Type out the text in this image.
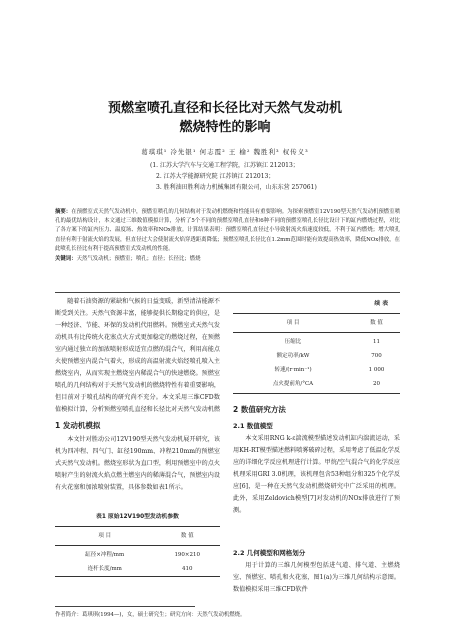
预燃室喷孔直径和长径比对天然气发动机
燃烧特性的影响
葛琪琪¹ 冷先银¹ 何志霞² 王 榆² 魏胜利³ 权传义³
(1. 江苏大学汽车与交通工程学院，江苏镇江 212013；
2. 江苏大学能源研究院 江苏镇江 212013；
3. 胜利油田胜利动力机械集团有限公司，山东东营 257061)
摘要：在预燃室式天然气发动机中，预燃室喷孔的几何结构对于发动机燃烧和性能具有重要影响。为探索预燃室12V190型天然气发动机预燃室喷孔的最优结构设计，本文通过三维数值模拟计算，分析了5个不同的预燃室喷孔直径和6种不同的预燃室喷孔长径比设计下的缸内燃烧过程，对比了各方案下的缸内压力、温度场、热效率和NOx排放。计算结果表明：预燃室喷孔直径过小导致射流火焰速度较低，不利于缸内燃烧；增大喷孔直径有利于射流火焰的发展，但直径过大会使射流火焰穿透距离降低；预燃室喷孔长径比在1.2mm范围时能有效提高热效率，降低NOx排放，在此喷孔长径比有利于提高预燃室式发动机的性能。
关键词：天然气发动机；预燃室；喷孔；直径；长径比；燃烧

随着石油资源的紧缺和气候的日益变暖，新型清洁能源不断受到关注。天然气资源丰富，能够提供长期稳定的供应，是一种经济、节能、环保的发动机代用燃料。预燃室式天然气发动机具有比传统火花塞点火方式更加稳定的燃烧过程，在预燃室内通过独立的加浓喷射形成适宜点燃的混合气，利用高能点火使预燃室内混合气着火，形成的高温射流火焰经喷孔喷入主燃烧室内，从而实现主燃烧室内稀混合气的快速燃烧。预燃室喷孔的几何结构对于天然气发动机的燃烧特性有着重要影响，但目前对于喷孔结构的研究尚不充分。本文采用三维CFD数值模拟计算，分析预燃室喷孔直径和长径比对天然气发动机燃

1 发动机模拟

本文针对胜动公司12V190型天然气发动机展开研究，该机为四冲程、四气门、缸径190mm、冲程210mm的预燃室式天然气发动机。燃烧室形状为直口型，利用预燃室中的点火喷射产生的射流火焰点燃主燃室内的稀薄混合气，预燃室内设有火花塞和加浓喷射装置，具体参数如表1所示。

表1 原始12V190型发动机参数
项 目	数 值
缸径×冲程/mm	190×210
连杆长度/mm	410
续 表
项 目	数 值
压缩比	11
额定功率/kW	700
转速/(r·min⁻¹)	1 000
点火提前角/°CA	20
2 数值研究方法
2.1 数值模型

本文采用RNG k-ε湍流模型描述发动机缸内湍流运动，采用KH-RT模型描述燃料喷雾破碎过程，采用考虑了低温化学反应的详细化学反应机理进行计算。甲烷/空气混合气的化学反应机理采用GRI 3.0机理，该机理包含53种组分和325个化学反应[6]，是一种在天然气发动机燃烧研究中广泛采用的机理。此外，采用Zeldovich模型[7]对发动机的NOx排放进行了预测。

2.2 几何模型和网格划分

用于计算的三维几何模型包括进气道、排气道、主燃烧室、预燃室、喷孔和火花塞，图1(a)为三维几何结构示意图。数值模拟采用三维CFD软件

作者简介：葛琪琪(1994—)，女，硕士研究生；研究方向：天然气发动机燃烧。
